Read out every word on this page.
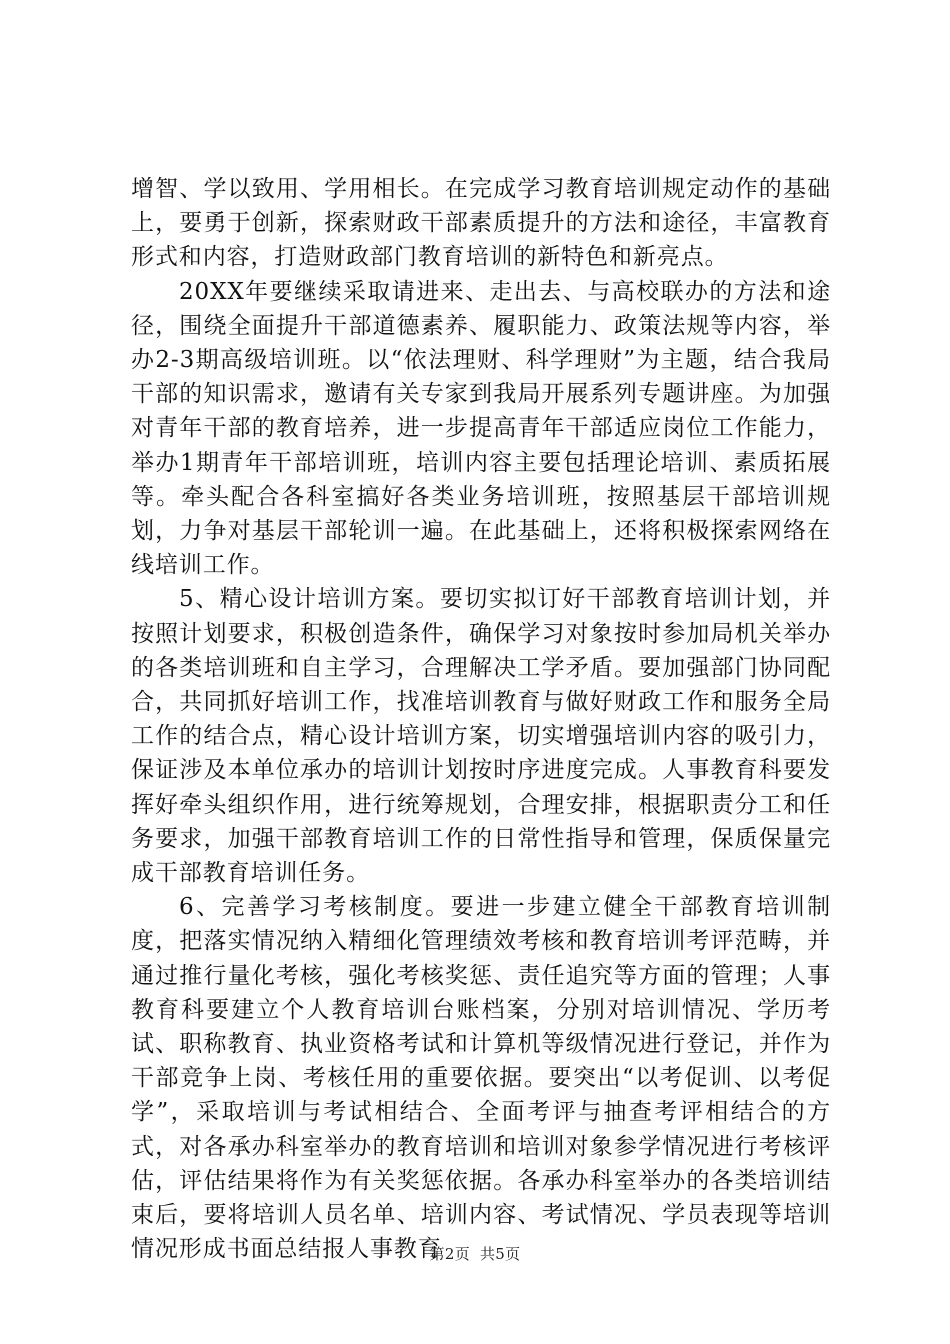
增智、学以致用、学用相长。在完成学习教育培训规定动作的基础上，要勇于创新，探索财政干部素质提升的方法和途径，丰富教育形式和内容，打造财政部门教育培训的新特色和新亮点。

20XX年要继续采取请进来、走出去、与高校联办的方法和途径，围绕全面提升干部道德素养、履职能力、政策法规等内容，举办2-3期高级培训班。以“依法理财、科学理财”为主题，结合我局干部的知识需求，邀请有关专家到我局开展系列专题讲座。为加强对青年干部的教育培养，进一步提高青年干部适应岗位工作能力，举办1期青年干部培训班，培训内容主要包括理论培训、素质拓展等。牵头配合各科室搞好各类业务培训班，按照基层干部培训规划，力争对基层干部轮训一遍。在此基础上，还将积极探索网络在线培训工作。

5、精心设计培训方案。要切实拟订好干部教育培训计划，并按照计划要求，积极创造条件，确保学习对象按时参加局机关举办的各类培训班和自主学习，合理解决工学矛盾。要加强部门协同配合，共同抓好培训工作，找准培训教育与做好财政工作和服务全局工作的结合点，精心设计培训方案，切实增强培训内容的吸引力，保证涉及本单位承办的培训计划按时序进度完成。人事教育科要发挥好牵头组织作用，进行统筹规划，合理安排，根据职责分工和任务要求，加强干部教育培训工作的日常性指导和管理，保质保量完成干部教育培训任务。

6、完善学习考核制度。要进一步建立健全干部教育培训制度，把落实情况纳入精细化管理绩效考核和教育培训考评范畴，并通过推行量化考核，强化考核奖惩、责任追究等方面的管理；人事教育科要建立个人教育培训台账档案，分别对培训情况、学历考试、职称教育、执业资格考试和计算机等级情况进行登记，并作为干部竞争上岗、考核任用的重要依据。要突出“以考促训、以考促学”，采取培训与考试相结合、全面考评与抽查考评相结合的方式，对各承办科室举办的教育培训和培训对象参学情况进行考核评估，评估结果将作为有关奖惩依据。各承办科室举办的各类培训结束后，要将培训人员名单、培训内容、考试情况、学员表现等培训情况形成书面总结报人事教育

第2页 共5页
